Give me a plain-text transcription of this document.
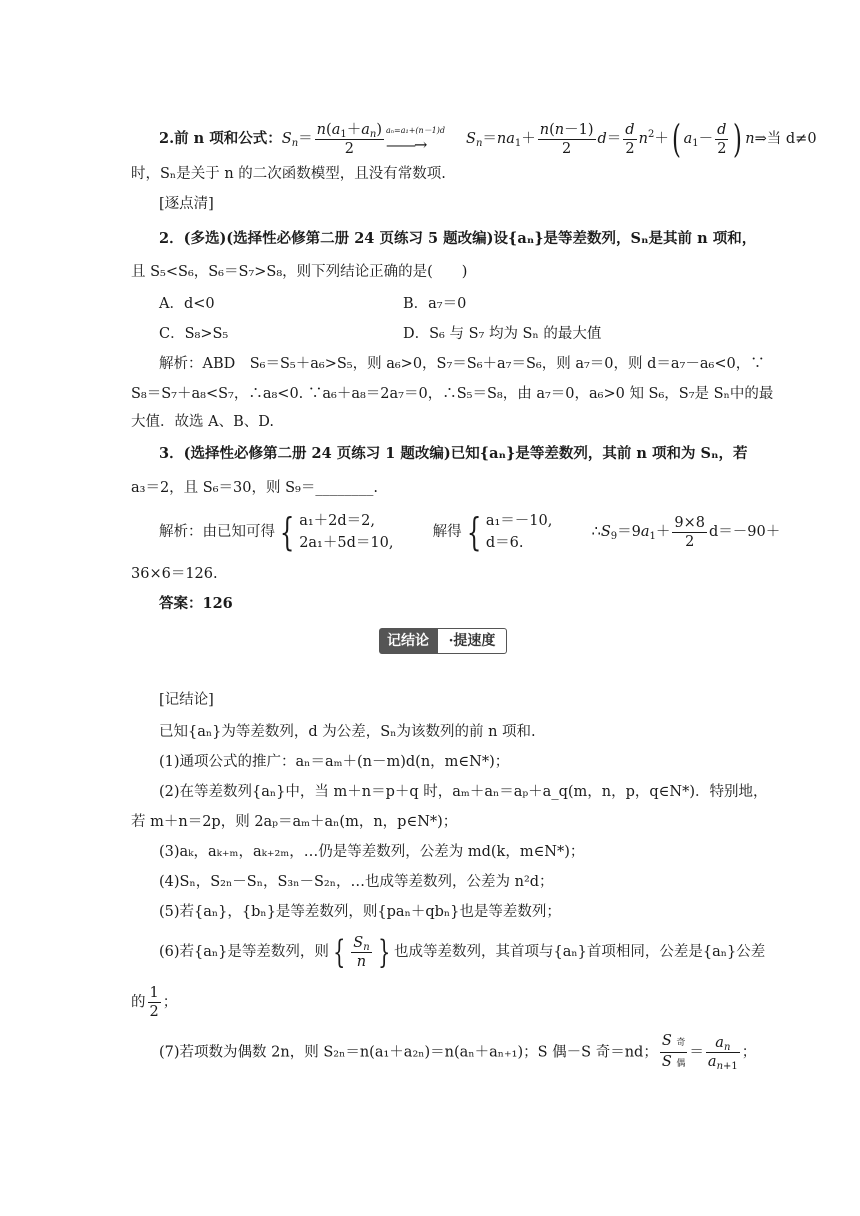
2.前 n 项和公式：$S_n= \frac{n(a_1+a_n)}{2} a_n=a_1+(n-1)d$
——→	$S_n=na_1+ \frac{n(n-1)}{2} d= \frac{d}{2} n^2+$( $a_1- \frac{d}{2}$ ) n⇒当 d≠0
时，Sₙ是关于 n 的二次函数模型，且没有常数项.
[逐点清]
2．(多选)(选择性必修第二册 24 页练习 5 题改编)设{aₙ}是等差数列，Sₙ是其前 n 项和，
且 S₅<S₆，S₆＝S₇>S₈，则下列结论正确的是(　　)
A．d<0	B．a₇＝0
C．S₈>S₅	D．S₆ 与 S₇ 均为 Sₙ 的最大值
解析：ABD　S₆＝S₅＋a₆>S₅，则 a₆>0，S₇＝S₆＋a₇＝S₆，则 a₇＝0，则 d＝a₇－a₆<0，∵
S₈＝S₇＋a₈<S₇，∴a₈<0. ∵a₆＋a₈＝2a₇＝0，∴S₅＝S₈，由 a₇＝0，a₆>0 知 S₆，S₇是 Sₙ中的最
大值．故选 A、B、D.
3．(选择性必修第二册 24 页练习 1 题改编)已知{aₙ}是等差数列，其前 n 项和为 Sₙ，若
a₃＝2，且 S₆＝30，则 S₉＝________.
解析：由已知可得 { a₁＋2d＝2,
2a₁＋5d＝10,
解得 { a₁＝－10,
d＝6.
$\therefore S_9=9a_1+ \frac{9\times 8}{2} d=-90+$
36×6＝126.
答案：126
记结论	·提速度
[记结论]
已知{aₙ}为等差数列，d 为公差，Sₙ为该数列的前 n 项和.
(1)通项公式的推广：aₙ＝aₘ＋(n－m)d(n，m∈N*)；
(2)在等差数列{aₙ}中，当 m＋n＝p＋q 时，aₘ＋aₙ＝aₚ＋a_q(m，n，p，q∈N*)．特别地，
若 m＋n＝2p，则 2aₚ＝aₘ＋aₙ(m，n，p∈N*)；
(3)aₖ，aₖ₊ₘ，aₖ₊₂ₘ，…仍是等差数列，公差为 md(k，m∈N*)；
(4)Sₙ，S₂ₙ－Sₙ，S₃ₙ－S₂ₙ，…也成等差数列，公差为 n²d；
(5)若{aₙ}，{bₙ}是等差数列，则{paₙ＋qbₙ}也是等差数列；
(6)若{aₙ}是等差数列，则 { $\frac{S_n}{n}$ } 也成等差数列，其首项与{aₙ}首项相同，公差是{aₙ}公差
的 $\frac{1}{2}$ ；
(7)若项数为偶数 2n，则 S₂ₙ＝n(a₁＋a₂ₙ)＝n(aₙ＋aₙ₊₁)；S 偶－S 奇＝nd； $\frac{\text{S 奇}}{\text{S 偶}} = \frac{a_n}{a_{n+1}}$ ；
